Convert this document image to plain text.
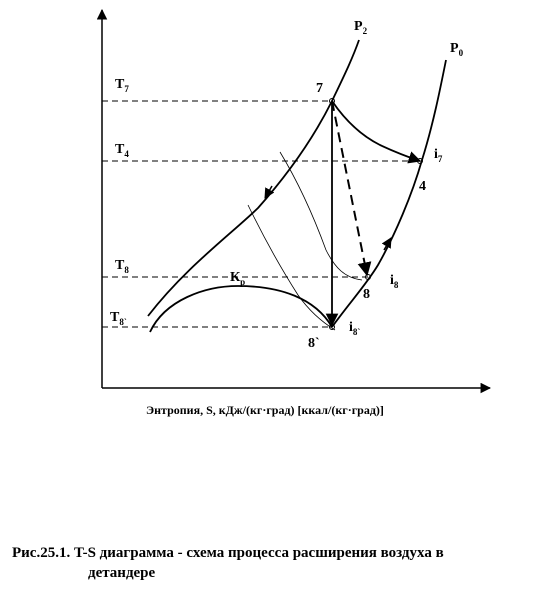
$T_7$
$T_4$
$T_8$
$T_{8`}$
$P_2$
$P_0$
7
4
8
8`
$i_7$
$i_8$
$i_{8`}$
$К_р$
Энтропия, S, кДж/(кг·град) [ккал/(кг·град)]
Рис.25.1. T-S диаграмма - схема процесса расширения воздуха в
детандере
